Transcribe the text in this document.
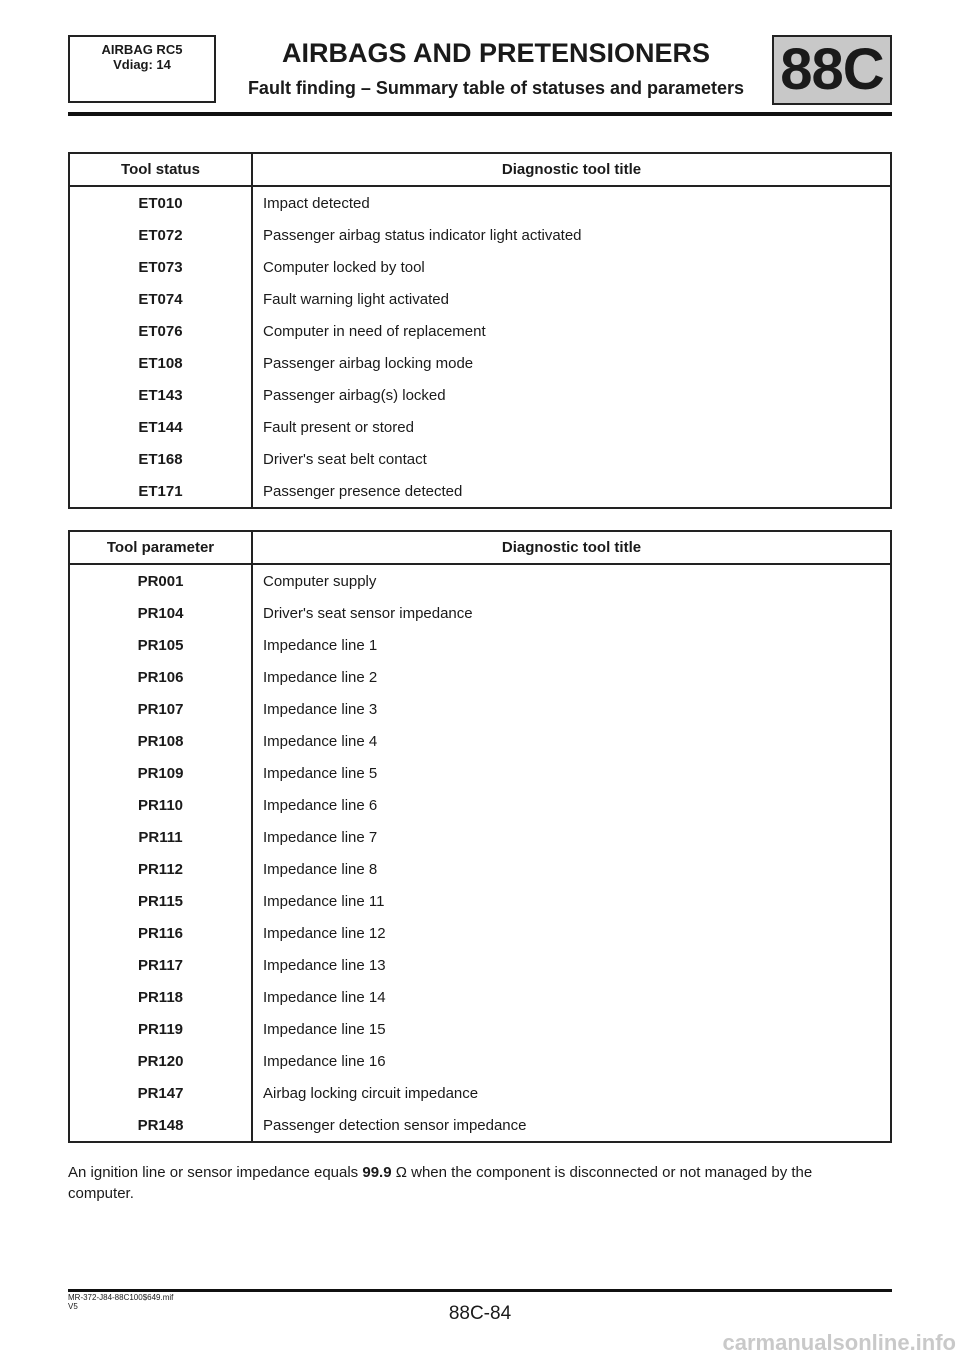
AIRBAG RC5
Vdiag: 14	AIRBAGS AND PRETENSIONERS
Fault finding – Summary table of statuses and parameters 88C
Tool status	Diagnostic tool title
ET010	Impact detected
ET072	Passenger airbag status indicator light activated
ET073	Computer locked by tool
ET074	Fault warning light activated
ET076	Computer in need of replacement
ET108	Passenger airbag locking mode
ET143	Passenger airbag(s) locked
ET144	Fault present or stored
ET168	Driver's seat belt contact
ET171	Passenger presence detected
Tool parameter	Diagnostic tool title
PR001	Computer supply
PR104	Driver's seat sensor impedance
PR105	Impedance line 1
PR106	Impedance line 2
PR107	Impedance line 3
PR108	Impedance line 4
PR109	Impedance line 5
PR110	Impedance line 6
PR111	Impedance line 7
PR112	Impedance line 8
PR115	Impedance line 11
PR116	Impedance line 12
PR117	Impedance line 13
PR118	Impedance line 14
PR119	Impedance line 15
PR120	Impedance line 16
PR147	Airbag locking circuit impedance
PR148	Passenger detection sensor impedance
An ignition line or sensor impedance equals 99.9 Ω when the component is disconnected or not managed by the computer.
MR-372-J84-88C100$649.mif
V5	88C-84
carmanualsonline.info
